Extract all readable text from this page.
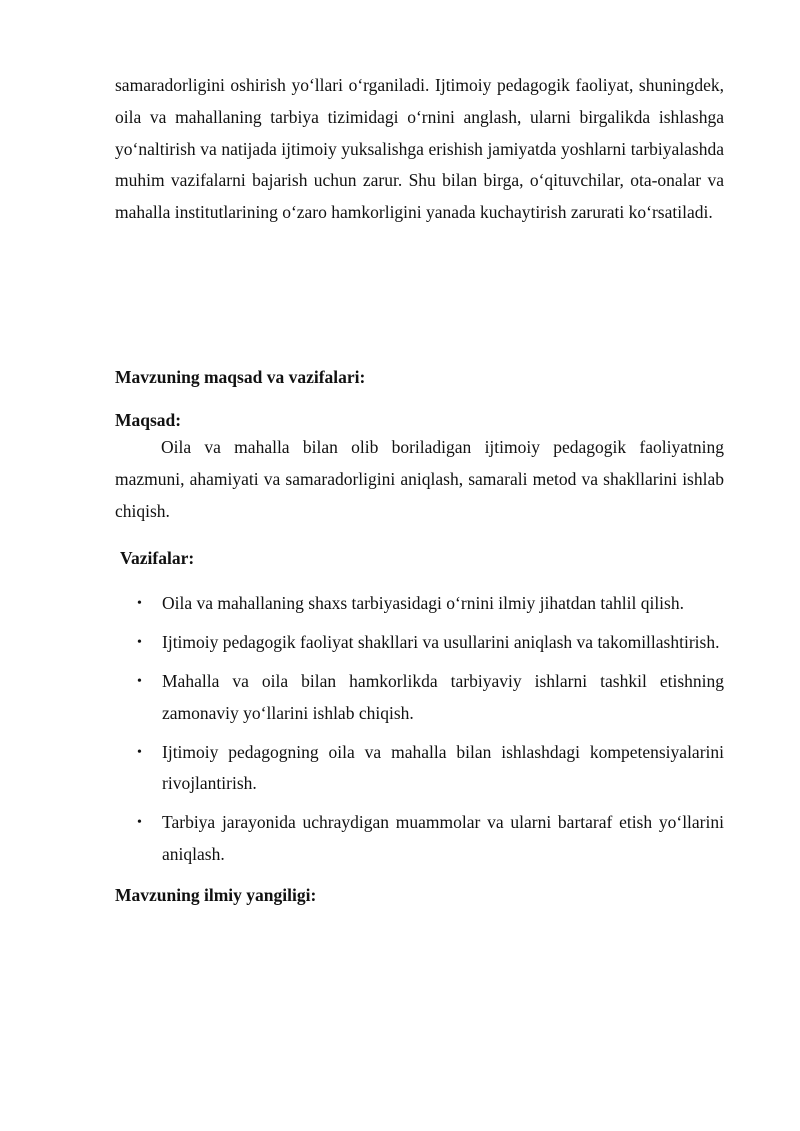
samaradorligini oshirish yo‘llari o‘rganiladi. Ijtimoiy pedagogik faoliyat, shuningdek, oila va mahallaning tarbiya tizimidagi o‘rnini anglash, ularni birgalikda ishlashga yo‘naltirish va natijada ijtimoiy yuksalishga erishish jamiyatda yoshlarni tarbiyalashda muhim vazifalarni bajarish uchun zarur. Shu bilan birga, o‘qituvchilar, ota-onalar va mahalla institutlarining o‘zaro hamkorligini yanada kuchaytirish zarurati ko‘rsatiladi.

Mavzuning maqsad va vazifalari:

Maqsad:

Oila va mahalla bilan olib boriladigan ijtimoiy pedagogik faoliyatning mazmuni, ahamiyati va samaradorligini aniqlash, samarali metod va shakllarini ishlab chiqish.

Vazifalar:

• Oila va mahallaning shaxs tarbiyasidagi o‘rnini ilmiy jihatdan tahlil qilish.
• Ijtimoiy pedagogik faoliyat shakllari va usullarini aniqlash va takomillashtirish.
• Mahalla va oila bilan hamkorlikda tarbiyaviy ishlarni tashkil etishning zamonaviy yo‘llarini ishlab chiqish.
• Ijtimoiy pedagogning oila va mahalla bilan ishlashdagi kompetensiyalarini rivojlantirish.
• Tarbiya jarayonida uchraydigan muammolar va ularni bartaraf etish yo‘llarini aniqlash.

Mavzuning ilmiy yangiligi:
